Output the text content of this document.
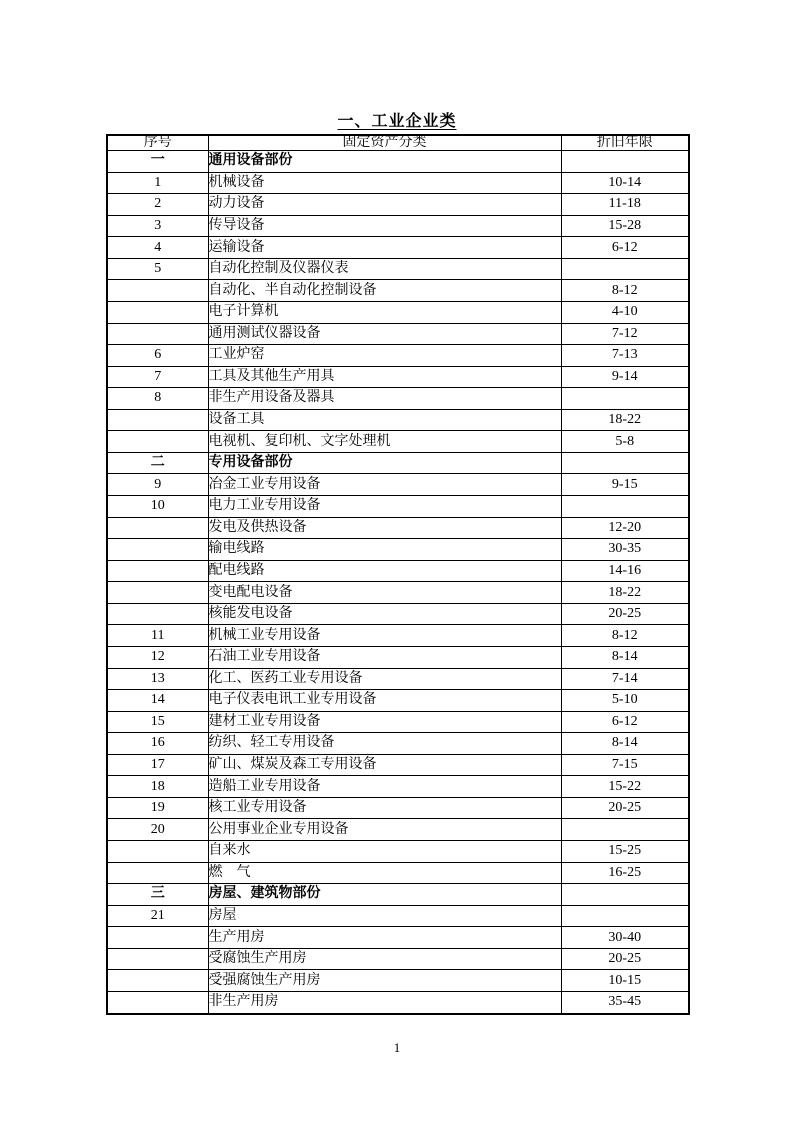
一、工业企业类
序号	固定资产分类	折旧年限
一	通用设备部份	
1	机械设备	10-14
2	动力设备	11-18
3	传导设备	15-28
4	运输设备	6-12
5	自动化控制及仪器仪表	
	自动化、半自动化控制设备	8-12
	电子计算机	4-10
	通用测试仪器设备	7-12
6	工业炉窑	7-13
7	工具及其他生产用具	9-14
8	非生产用设备及器具	
	设备工具	18-22
	电视机、复印机、文字处理机	5-8
二	专用设备部份	
9	冶金工业专用设备	9-15
10	电力工业专用设备	
	发电及供热设备	12-20
	输电线路	30-35
	配电线路	14-16
	变电配电设备	18-22
	核能发电设备	20-25
11	机械工业专用设备	8-12
12	石油工业专用设备	8-14
13	化工、医药工业专用设备	7-14
14	电子仪表电讯工业专用设备	5-10
15	建材工业专用设备	6-12
16	纺织、轻工专用设备	8-14
17	矿山、煤炭及森工专用设备	7-15
18	造船工业专用设备	15-22
19	核工业专用设备	20-25
20	公用事业企业专用设备	
	自来水	15-25
	燃　气	16-25
三	房屋、建筑物部份	
21	房屋	
	生产用房	30-40
	受腐蚀生产用房	20-25
	受强腐蚀生产用房	10-15
	非生产用房	35-45
1
